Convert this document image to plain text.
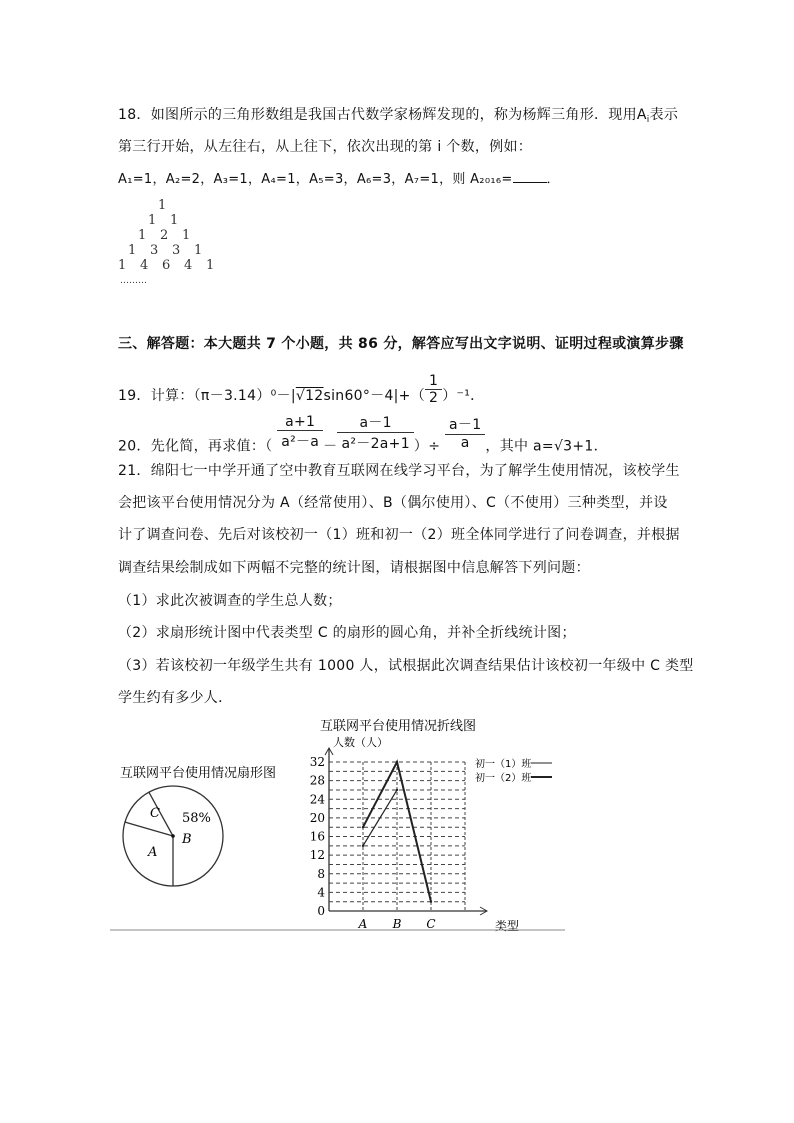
18．如图所示的三角形数组是我国古代数学家杨辉发现的，称为杨辉三角形．现用$A_i$表示
第三行开始，从左往右，从上往下，依次出现的第 i 个数，例如：
A₁=1，A₂=2，A₃=1，A₄=1，A₅=3，A₆=3，A₇=1，则 A₂₀₁₆=	．
1
1 1
1 2 1
1 3 3 1
1 4 6 4 1
………
三、解答题：本大题共 7 个小题，共 86 分，解答应写出文字说明、证明过程或演算步骤
19．计算：$(\pi-3.14)^0-|√12\sin 60^\circ-4|+( \frac{1}{2} )^{-1}$．
20．先化简，再求值：（ $\frac{a+1}{\text{a²－a}} - \frac{a-1}{\text{a²－2a+1}}$ ）÷ $\frac{a-1}{a}$ ，其中 a=√3+1．
21．绵阳七一中学开通了空中教育互联网在线学习平台，为了解学生使用情况，该校学生
会把该平台使用情况分为 A（经常使用）、B（偶尔使用）、C（不使用）三种类型，并设
计了调查问卷、先后对该校初一（1）班和初一（2）班全体同学进行了问卷调查，并根据
调查结果绘制成如下两幅不完整的统计图，请根据图中信息解答下列问题：
（1）求此次被调查的学生总人数；
（2）求扇形统计图中代表类型 C 的扇形的圆心角，并补全折线统计图；
（3）若该校初一年级学生共有 1000 人，试根据此次调查结果估计该校初一年级中 C 类型
学生约有多少人．
互联网平台使用情况扇形图
A
B
C 58%
互联网平台使用情况折线图
人数（人）
类型
0
4
8
12
16
20
24
28
32
A B C
初一（1）班
初一（2）班
